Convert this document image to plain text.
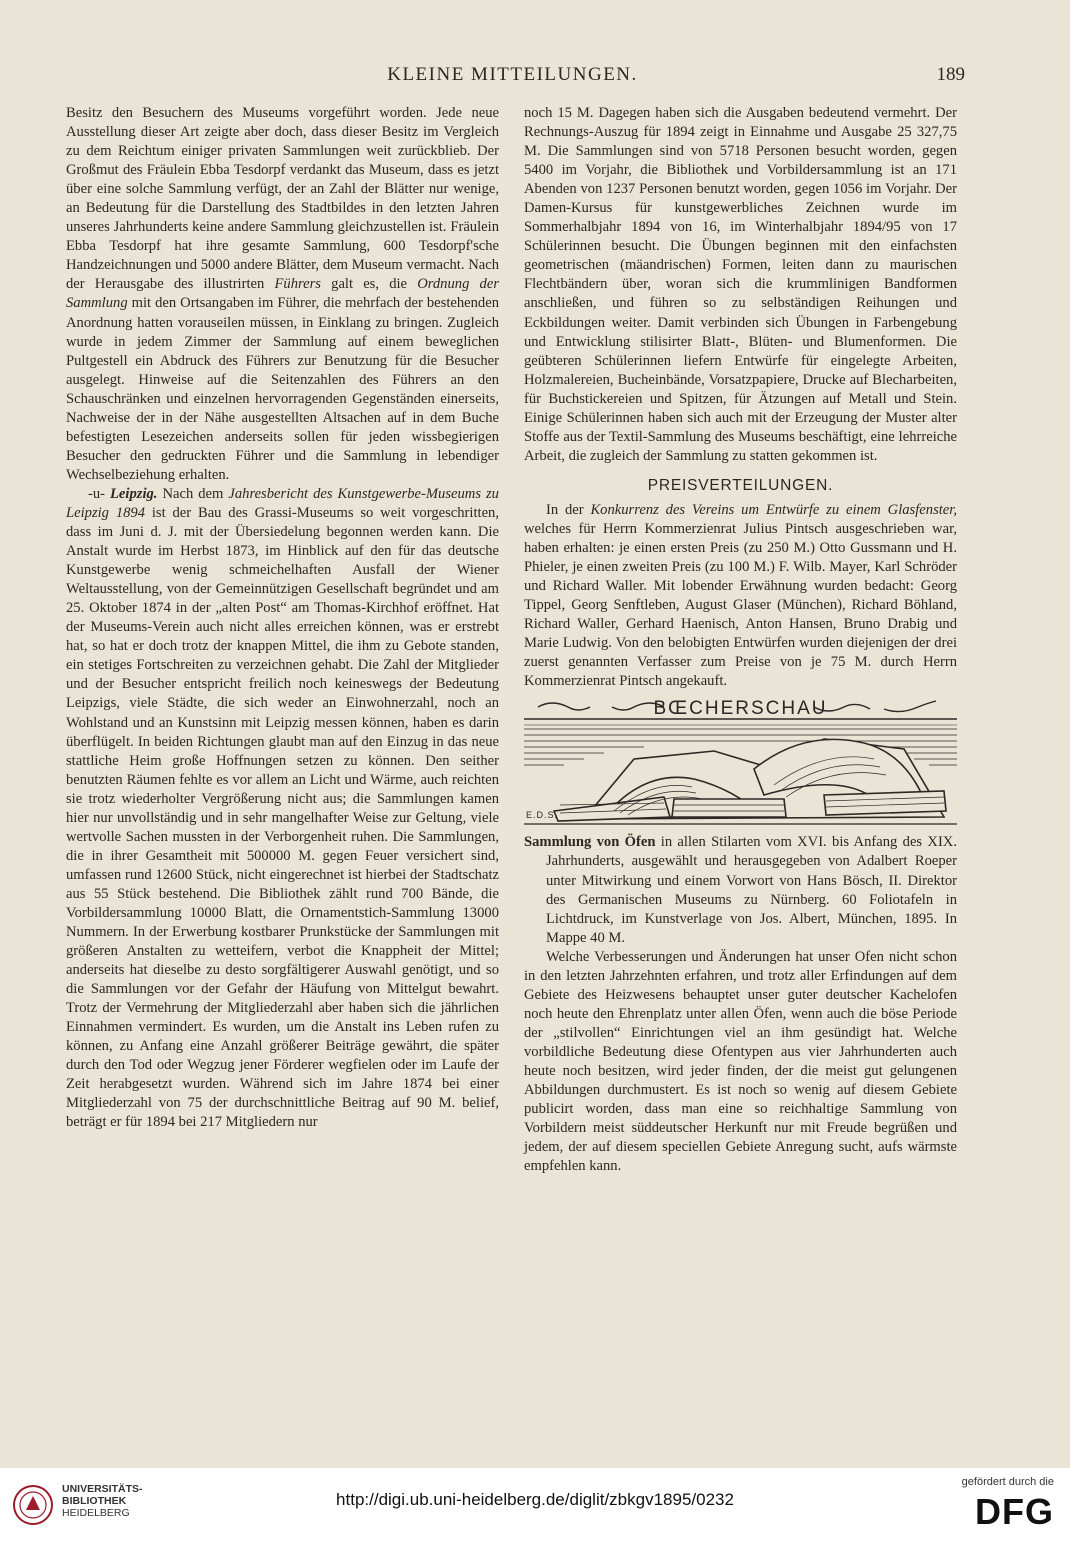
KLEINE MITTEILUNGEN.	189

Besitz den Besuchern des Museums vorgeführt worden. Jede neue Ausstellung dieser Art zeigte aber doch, dass dieser Besitz im Vergleich zu dem Reichtum einiger privaten Sammlungen weit zurückblieb. Der Großmut des Fräulein Ebba Tesdorpf verdankt das Museum, dass es jetzt über eine solche Sammlung verfügt, der an Zahl der Blätter nur wenige, an Bedeutung für die Darstellung des Stadtbildes in den letzten Jahren unseres Jahrhunderts keine andere Sammlung gleichzustellen ist. Fräulein Ebba Tesdorpf hat ihre gesamte Sammlung, 600 Tesdorpf'sche Handzeichnungen und 5000 andere Blätter, dem Museum vermacht. Nach der Herausgabe des illustrirten Führers galt es, die Ordnung der Sammlung mit den Ortsangaben im Führer, die mehrfach der bestehenden Anordnung hatten vorauseilen müssen, in Einklang zu bringen. Zugleich wurde in jedem Zimmer der Sammlung auf einem beweglichen Pultgestell ein Abdruck des Führers zur Benutzung für die Besucher ausgelegt. Hinweise auf die Seitenzahlen des Führers an den Schauschränken und einzelnen hervorragenden Gegenständen einerseits, Nachweise der in der Nähe ausgestellten Altsachen auf in dem Buche befestigten Lesezeichen anderseits sollen für jeden wissbegierigen Besucher den gedruckten Führer und die Sammlung in lebendiger Wechselbeziehung erhalten.

-u- Leipzig. Nach dem Jahresbericht des Kunstgewerbe-Museums zu Leipzig 1894 ist der Bau des Grassi-Museums so weit vorgeschritten, dass im Juni d. J. mit der Übersiedelung begonnen werden kann. Die Anstalt wurde im Herbst 1873, im Hinblick auf den für das deutsche Kunstgewerbe wenig schmeichelhaften Ausfall der Wiener Weltausstellung, von der Gemeinnützigen Gesellschaft begründet und am 25. Oktober 1874 in der „alten Post“ am Thomas-Kirchhof eröffnet. Hat der Museums-Verein auch nicht alles erreichen können, was er erstrebt hat, so hat er doch trotz der knappen Mittel, die ihm zu Gebote standen, ein stetiges Fortschreiten zu verzeichnen gehabt. Die Zahl der Mitglieder und der Besucher entspricht freilich noch keineswegs der Bedeutung Leipzigs, viele Städte, die sich weder an Einwohnerzahl, noch an Wohlstand und an Kunstsinn mit Leipzig messen können, haben es darin überflügelt. In beiden Richtungen glaubt man auf den Einzug in das neue stattliche Heim große Hoffnungen setzen zu können. Den seither benutzten Räumen fehlte es vor allem an Licht und Wärme, auch reichten sie trotz wiederholter Vergrößerung nicht aus; die Sammlungen kamen hier nur unvollständig und in sehr mangelhafter Weise zur Geltung, viele wertvolle Sachen mussten in der Verborgenheit ruhen. Die Sammlungen, die in ihrer Gesamtheit mit 500000 M. gegen Feuer versichert sind, umfassen rund 12600 Stück, nicht eingerechnet ist hierbei der Stadtschatz aus 55 Stück bestehend. Die Bibliothek zählt rund 700 Bände, die Vorbildersammlung 10000 Blatt, die Ornamentstich-Sammlung 13000 Nummern. In der Erwerbung kostbarer Prunkstücke der Sammlungen mit größeren Anstalten zu wetteifern, verbot die Knappheit der Mittel; anderseits hat dieselbe zu desto sorgfältigerer Auswahl genötigt, und so die Sammlungen vor der Gefahr der Häufung von Mittelgut bewahrt. Trotz der Vermehrung der Mitgliederzahl aber haben sich die jährlichen Einnahmen vermindert. Es wurden, um die Anstalt ins Leben rufen zu können, zu Anfang eine Anzahl größerer Beiträge gewährt, die später durch den Tod oder Wegzug jener Förderer wegfielen oder im Laufe der Zeit herabgesetzt wurden. Während sich im Jahre 1874 bei einer Mitgliederzahl von 75 der durchschnittliche Beitrag auf 90 M. belief, beträgt er für 1894 bei 217 Mitgliedern nur

noch 15 M. Dagegen haben sich die Ausgaben bedeutend vermehrt. Der Rechnungs-Auszug für 1894 zeigt in Einnahme und Ausgabe 25 327,75 M. Die Sammlungen sind von 5718 Personen besucht worden, gegen 5400 im Vorjahr, die Bibliothek und Vorbildersammlung ist an 171 Abenden von 1237 Personen benutzt worden, gegen 1056 im Vorjahr. Der Damen-Kursus für kunstgewerbliches Zeichnen wurde im Sommerhalbjahr 1894 von 16, im Winterhalbjahr 1894/95 von 17 Schülerinnen besucht. Die Übungen beginnen mit den einfachsten geometrischen (mäandrischen) Formen, leiten dann zu maurischen Flechtbändern über, woran sich die krummlinigen Bandformen anschließen, und führen so zu selbständigen Reihungen und Eckbildungen weiter. Damit verbinden sich Übungen in Farbengebung und Entwicklung stilisirter Blatt-, Blüten- und Blumenformen. Die geübteren Schülerinnen liefern Entwürfe für eingelegte Arbeiten, Holzmalereien, Bucheinbände, Vorsatzpapiere, Drucke auf Blecharbeiten, für Buchstickereien und Spitzen, für Ätzungen auf Metall und Stein. Einige Schülerinnen haben sich auch mit der Erzeugung der Muster alter Stoffe aus der Textil-Sammlung des Museums beschäftigt, eine lehrreiche Arbeit, die zugleich der Sammlung zu statten gekommen ist.

PREISVERTEILUNGEN.

In der Konkurrenz des Vereins um Entwürfe zu einem Glasfenster, welches für Herrn Kommerzienrat Julius Pintsch ausgeschrieben war, haben erhalten: je einen ersten Preis (zu 250 M.) Otto Gussmann und H. Phieler, je einen zweiten Preis (zu 100 M.) F. Wilb. Mayer, Karl Schröder und Richard Waller. Mit lobender Erwähnung wurden bedacht: Georg Tippel, Georg Senftleben, August Glaser (München), Richard Böhland, Richard Waller, Gerhard Haenisch, Anton Hansen, Bruno Drabig und Marie Ludwig. Von den belobigten Entwürfen wurden diejenigen der drei zuerst genannten Verfasser zum Preise von je 75 M. durch Herrn Kommerzienrat Pintsch angekauft.

BŒCHERSCHAU
E.D.S.

Sammlung von Öfen in allen Stilarten vom XVI. bis Anfang des XIX. Jahrhunderts, ausgewählt und herausgegeben von Adalbert Roeper unter Mitwirkung und einem Vorwort von Hans Bösch, II. Direktor des Germanischen Museums zu Nürnberg. 60 Foliotafeln in Lichtdruck, im Kunstverlage von Jos. Albert, München, 1895. In Mappe 40 M.

Welche Verbesserungen und Änderungen hat unser Ofen nicht schon in den letzten Jahrzehnten erfahren, und trotz aller Erfindungen auf dem Gebiete des Heizwesens behauptet unser guter deutscher Kachelofen noch heute den Ehrenplatz unter allen Öfen, wenn auch die böse Periode der „stilvollen“ Einrichtungen viel an ihm gesündigt hat. Welche vorbildliche Bedeutung diese Ofentypen aus vier Jahrhunderten auch heute noch besitzen, wird jeder finden, der die meist gut gelungenen Abbildungen durchmustert. Es ist noch so wenig auf diesem Gebiete publicirt worden, dass man eine so reichhaltige Sammlung von Vorbildern meist süddeutscher Herkunft nur mit Freude begrüßen und jedem, der auf diesem speciellen Gebiete Anregung sucht, aufs wärmste empfehlen kann.

UNIVERSITÄTS-
BIBLIOTHEK
HEIDELBERG
http://digi.ub.uni-heidelberg.de/diglit/zbkgv1895/0232
gefördert durch die
DFG
